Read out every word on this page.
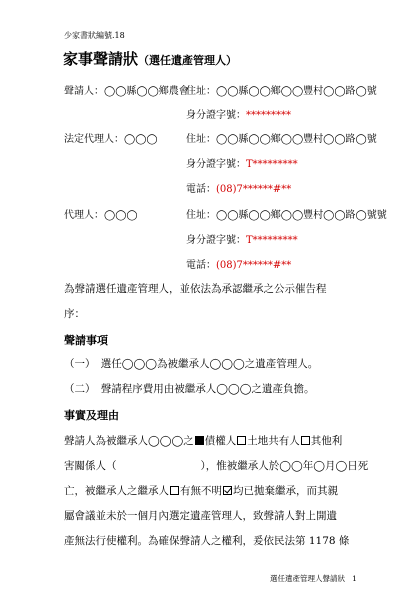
少家書狀編號.18
家事聲請狀（選任遺產管理人）
聲請人：◯◯縣◯◯鄉農會
住址：◯◯縣◯◯鄉◯◯豐村◯◯路◯號
身分證字號：*********
法定代理人：◯◯◯	住址：◯◯縣◯◯鄉◯◯豐村◯◯路◯號
身分證字號：T*********
電話：(08)7******#**
代理人：◯◯◯	住址：◯◯縣◯◯鄉◯◯豐村◯◯路◯號號
身分證字號：T*********
電話：(08)7******#**
為聲請選任遺產管理人，並依法為承認繼承之公示催告程
序：
聲請事項
（一）　選任◯◯◯為被繼承人◯◯◯之遺產管理人。
（二）　聲請程序費用由被繼承人◯◯◯之遺產負擔。
事實及理由
聲請人為被繼承人◯◯◯之 債權人 土地共有人 其他利
害關係人（　　　　　　　　），惟被繼承人於◯◯年◯月◯日死
亡，被繼承人之繼承人 有無不明 均已拋棄繼承，而其親
屬會議並未於一個月內選定遺產管理人，致聲請人對上開遺
產無法行使權利。為確保聲請人之權利，爰依民法第 1178 條
選任遺產管理人聲請狀 1
